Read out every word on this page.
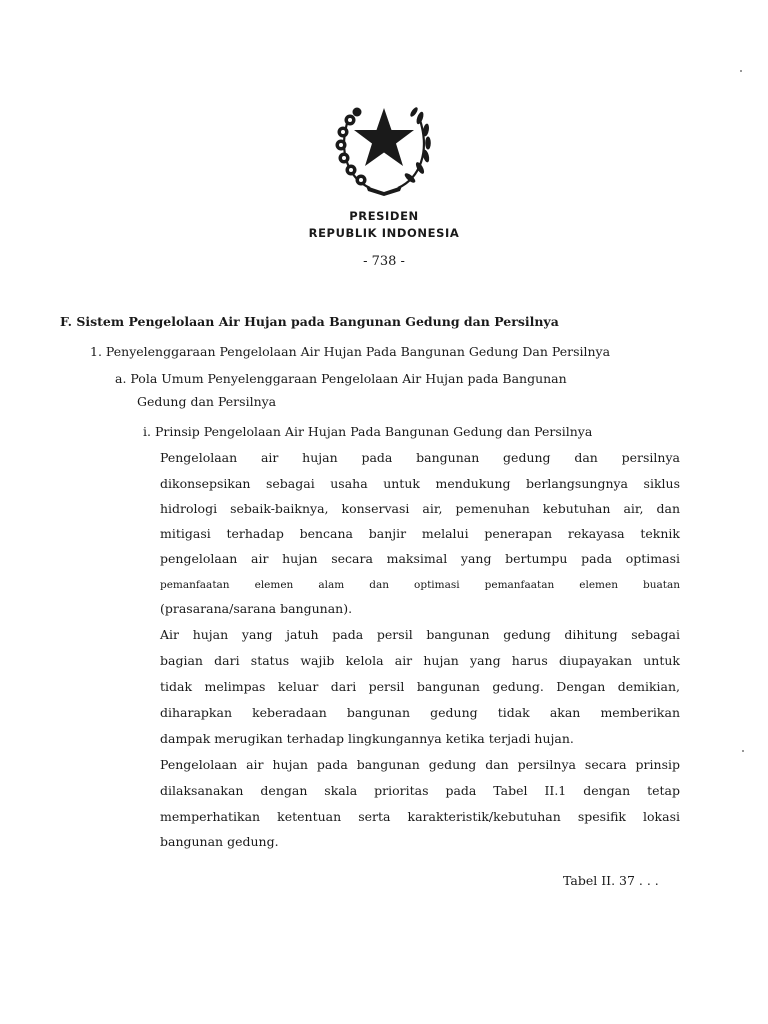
PRESIDEN
REPUBLIK INDONESIA
- 738 -
F. Sistem Pengelolaan Air Hujan pada Bangunan Gedung dan Persilnya
1. Penyelenggaraan Pengelolaan Air Hujan Pada Bangunan Gedung Dan Persilnya
a. Pola Umum Penyelenggaraan Pengelolaan Air Hujan pada Bangunan
Gedung dan Persilnya
i. Prinsip Pengelolaan Air Hujan Pada Bangunan Gedung dan Persilnya
Pengelolaan air hujan pada bangunan gedung dan persilnya
dikonsepsikan sebagai usaha untuk mendukung berlangsungnya siklus
hidrologi sebaik-baiknya, konservasi air, pemenuhan kebutuhan air, dan
mitigasi terhadap bencana banjir melalui penerapan rekayasa teknik
pengelolaan air hujan secara maksimal yang bertumpu pada optimasi
pemanfaatan elemen alam dan optimasi pemanfaatan elemen buatan
(prasarana/sarana bangunan).
Air hujan yang jatuh pada persil bangunan gedung dihitung sebagai
bagian dari status wajib kelola air hujan yang harus diupayakan untuk
tidak melimpas keluar dari persil bangunan gedung. Dengan demikian,
diharapkan keberadaan bangunan gedung tidak akan memberikan
dampak merugikan terhadap lingkungannya ketika terjadi hujan.
Pengelolaan air hujan pada bangunan gedung dan persilnya secara prinsip
dilaksanakan dengan skala prioritas pada Tabel II.1 dengan tetap
memperhatikan ketentuan serta karakteristik/kebutuhan spesifik lokasi
bangunan gedung.
Tabel II. 37 . . .
